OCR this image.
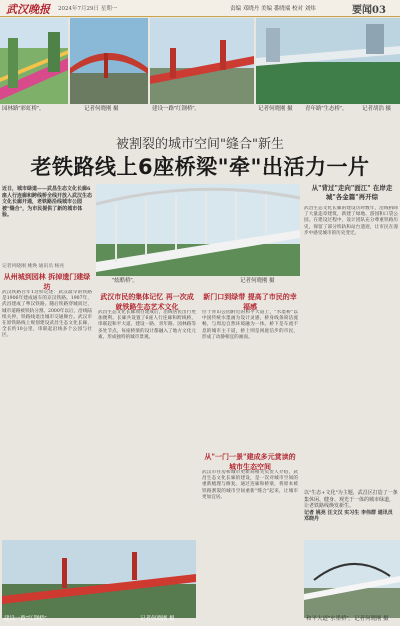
武汉晚报 2024年7月29日 星期一	责编 邓晓丹 美编 番晓端 校对 刘炜	要闻03
园林路"彩虹桥"。	记者何晓刚 摄	建设一路"红钢桥"。	记者何晓刚 摄 青年路"生态桥"。	记者胡浩 摄
被割裂的城市空间"缝合"新生
老铁路线上6座桥梁"牵"出活力一片
近日，城市绿道——武昌生态文化长廊6座人行连廊和跨线桥全线开放入武汉生态文化长廊开通，老铁路沿线城市公园被"缝合"，为市民提供了新的城市体验。
记者何晓刚 姚焕 通讯员 杨亮
从州城到园林 拆掉遗门建绿坊
武汉铁路百年1这样记述：武汉最早的铁路是1906年建成通车的京汉铁路。1907年，武昌建成了粤汉铁路。随后铁路穿城而过，城市道路被铁轨分割。2000年以后，沿线陆续关停，铁路线退出城市交通舞台。武汉市在原铁路线上规划建设武昌生态文化长廊，全长约10公里，串联起沿线多个公园与社区。
"炫酷桥"。	记者何晓刚 摄
武汉市民的集体记忆 再一次成就铁路生态艺术文化
武昌生态文化长廊项目建成后，沿线居民出行更加便利。长廊共设置了6座人行连廊和跨线桥，串联起和平大道、建设一路、青年路、园林路等多处节点。每座桥梁的设计都融入了地方文化元素，形成独特的城市景观。
新门口到绿带 提高了市民的幸福感
位于青山公园附近的和平大道上，"水墨桥"以中国传统水墨画为设计灵感，桥身线条简洁流畅，与周边自然环境融为一体。桥下是车流不息的城市主干道，桥上则是闲庭信步的市民，形成了动静相宜的画面。
从"一门一景"建成多元赏读的城市生态空间
武汉市住房和城市更新局相关负责人介绍，武昌生态文化长廊的建设，是一次对城市空间的重新梳理与修复。通过连廊和桥梁，将原本被铁路割裂的城市空间重新"缝合"起来，让城市更加宜居。
建设一路"红钢桥"。	记者何晓刚 摄
从"背过"走向"面江" 在岸走城"各金篇"再开综
武昌生态文化长廊的建设历时数年，沿线拆除了大量违章建筑，新建了绿地、游园和口袋公园。在建设过程中，设计团队充分尊重铁路历史，保留了部分铁轨和站台遗迹，让市民在漫步中感受城市的历史变迁。
以"生态+文化"为主题，武昌区打造了一条集休闲、健身、观光于一体的城市绿道，让老铁路线焕发新生。
记者 姚亮 汪文汉 实习生 李伟群 通讯员 邓晓丹
和平大道"水墨桥"。 记者何晓刚 摄
